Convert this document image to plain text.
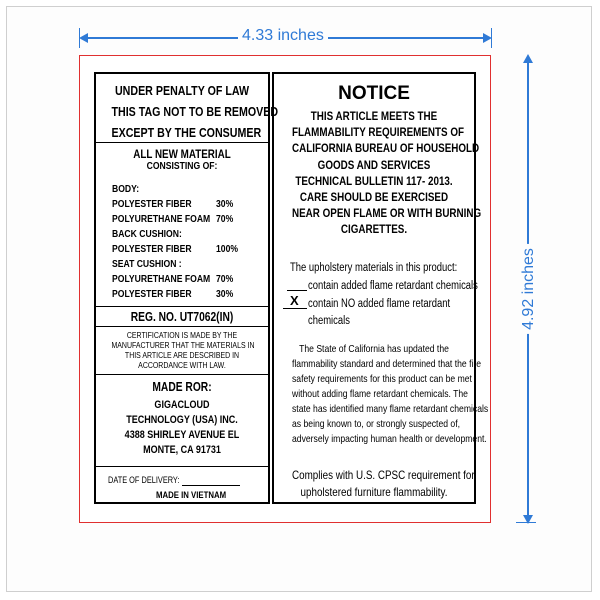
4.33 inches
4.92 inches
UNDER PENALTY OF LAW
THIS TAG NOT TO BE REMOVED
EXCEPT BY THE CONSUMER
ALL NEW MATERIAL
CONSISTING OF:
BODY:
POLYESTER FIBER 30%
POLYURETHANE FOAM 70%
BACK CUSHION:
POLYESTER FIBER 100%
SEAT CUSHION :
POLYURETHANE FOAM 70%
POLYESTER FIBER 30%
REG. NO. UT7062(IN)
CERTIFICATION IS MADE BY THE
MANUFACTURER THAT THE MATERIALS IN
THIS ARTICLE ARE DESCRIBED IN
ACCORDANCE WITH LAW.
MADE ROR:
GIGACLOUD
TECHNOLOGY (USA) INC.
4388 SHIRLEY AVENUE EL
MONTE, CA 91731
DATE OF DELIVERY:
MADE IN VIETNAM
NOTICE
THIS ARTICLE MEETS THE
FLAMMABILITY REQUIREMENTS OF
CALIFORNIA BUREAU OF HOUSEHOLD
GOODS AND SERVICES
TECHNICAL BULLETIN 117- 2013.
CARE SHOULD BE EXERCISED
NEAR OPEN FLAME OR WITH BURNING
CIGARETTES.
The upholstery materials in this product:
contain added flame retardant chemicals
X contain NO added flame retardant
chemicals
The State of California has updated the
flammability standard and determined that the fire
safety requirements for this product can be met
without adding flame retardant chemicals. The
state has identified many flame retardant chemicals
as being known to, or strongly suspected of,
adversely impacting human health or development.
Complies with U.S. CPSC requirement for
upholstered furniture flammability.
